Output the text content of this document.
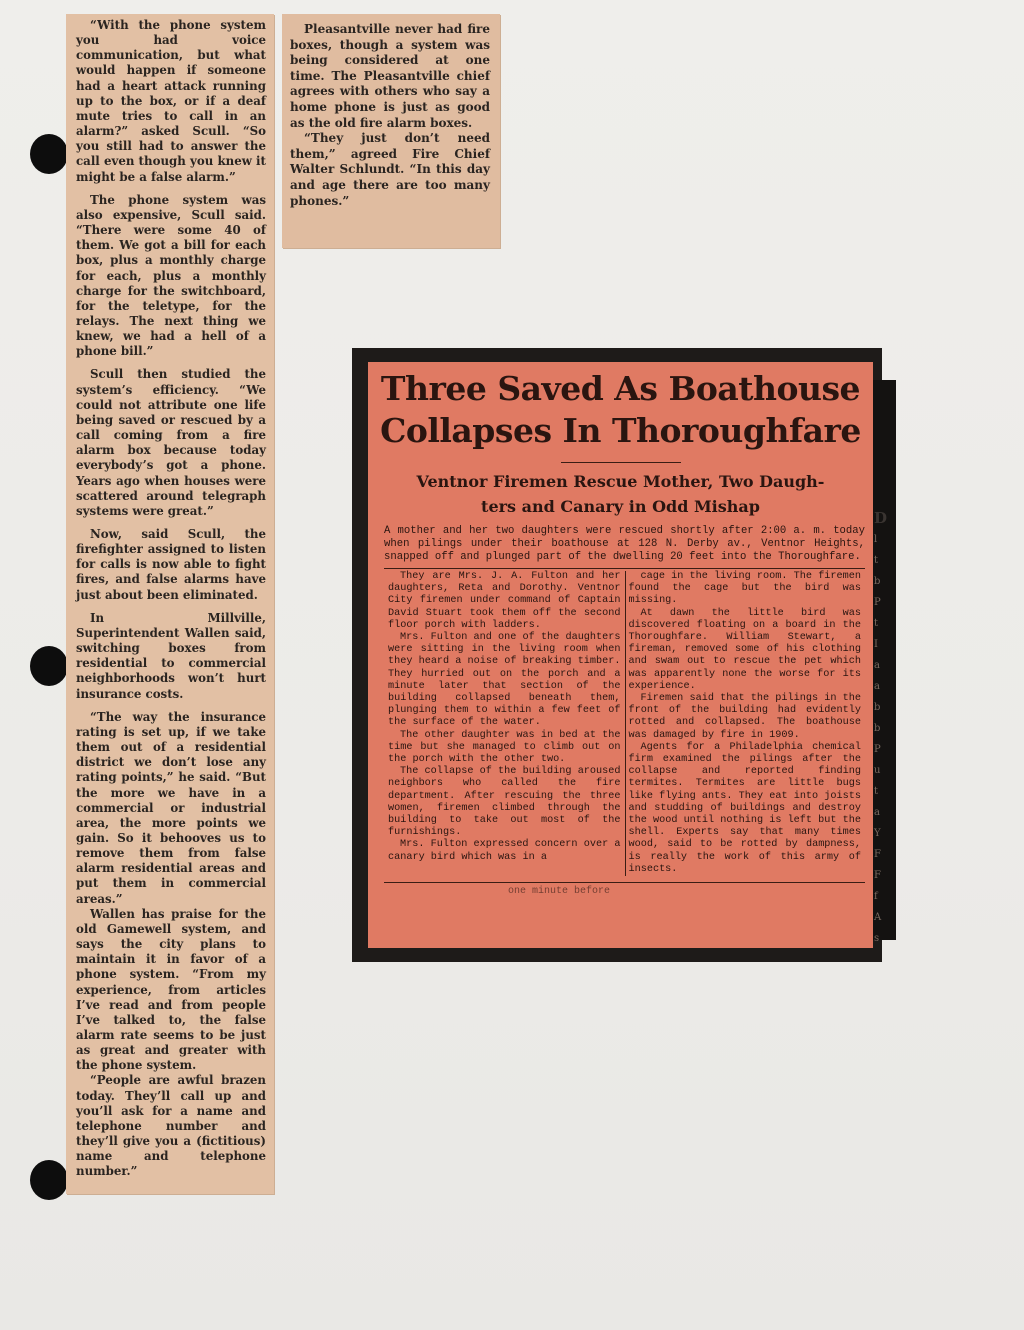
“With the phone system you had voice communication, but what would happen if someone had a heart attack running up to the box, or if a deaf mute tries to call in an alarm?” asked Scull. “So you still had to answer the call even though you knew it might be a false alarm.”

The phone system was also expensive, Scull said. “There were some 40 of them. We got a bill for each box, plus a monthly charge for each, plus a monthly charge for the switchboard, for the teletype, for the relays. The next thing we knew, we had a hell of a phone bill.”

Scull then studied the system’s efficiency. “We could not attribute one life being saved or rescued by a call coming from a fire alarm box because today everybody’s got a phone. Years ago when houses were scattered around telegraph systems were great.”

Now, said Scull, the firefighter assigned to listen for calls is now able to fight fires, and false alarms have just about been eliminated.

In Millville, Superintendent Wallen said, switching boxes from residential to commercial neighborhoods won’t hurt insurance costs.

“The way the insurance rating is set up, if we take them out of a residential district we don’t lose any rating points,” he said. “But the more we have in a commercial or industrial area, the more points we gain. So it behooves us to remove them from false alarm residential areas and put them in commercial areas.”

Wallen has praise for the old Gamewell system, and says the city plans to maintain it in favor of a phone system. “From my experience, from articles I’ve read and from people I’ve talked to, the false alarm rate seems to be just as great and greater with the phone system.

“People are awful brazen today. They’ll call up and you’ll ask for a name and telephone number and they’ll give you a (fictitious) name and telephone number.”

Pleasantville never had fire boxes, though a system was being considered at one time. The Pleasantville chief agrees with others who say a home phone is just as good as the old fire alarm boxes.

“They just don’t need them,” agreed Fire Chief Walter Schlundt. “In this day and age there are too many phones.”

Three Saved As Boathouse
Collapses In Thoroughfare
Ventnor Firemen Rescue Mother, Two Daugh-
ters and Canary in Odd Mishap

A mother and her two daughters were rescued shortly after 2:00 a. m. today when pilings under their boathouse at 128 N. Derby av., Ventnor Heights, snapped off and plunged part of the dwelling 20 feet into the Thoroughfare.

They are Mrs. J. A. Fulton and her daughters, Reta and Dorothy. Ventnor City firemen under command of Captain David Stuart took them off the second floor porch with ladders.

Mrs. Fulton and one of the daughters were sitting in the living room when they heard a noise of breaking timber. They hurried out on the porch and a minute later that section of the building collapsed beneath them, plunging them to within a few feet of the surface of the water.

The other daughter was in bed at the time but she managed to climb out on the porch with the other two.

The collapse of the building aroused neighbors who called the fire department. After rescuing the three women, firemen climbed through the building to take out most of the furnishings.

Mrs. Fulton expressed concern over a canary bird which was in a

cage in the living room. The firemen found the cage but the bird was missing.

At dawn the little bird was discovered floating on a board in the Thoroughfare. William Stewart, a fireman, removed some of his clothing and swam out to rescue the pet which was apparently none the worse for its experience.

Firemen said that the pilings in the front of the building had evidently rotted and collapsed. The boathouse was damaged by fire in 1909.

Agents for a Philadelphia chemical firm examined the pilings after the collapse and reported finding termites. Termites are little bugs like flying ants. They eat into joists and studding of buildings and destroy the wood until nothing is left but the shell. Experts say that many times wood, said to be rotted by dampness, is really the work of this army of insects.

one minute before
D
l
t
b
P
t
I
a
a
b
b
P
u
t
a
Y
F
F
f
A
s
